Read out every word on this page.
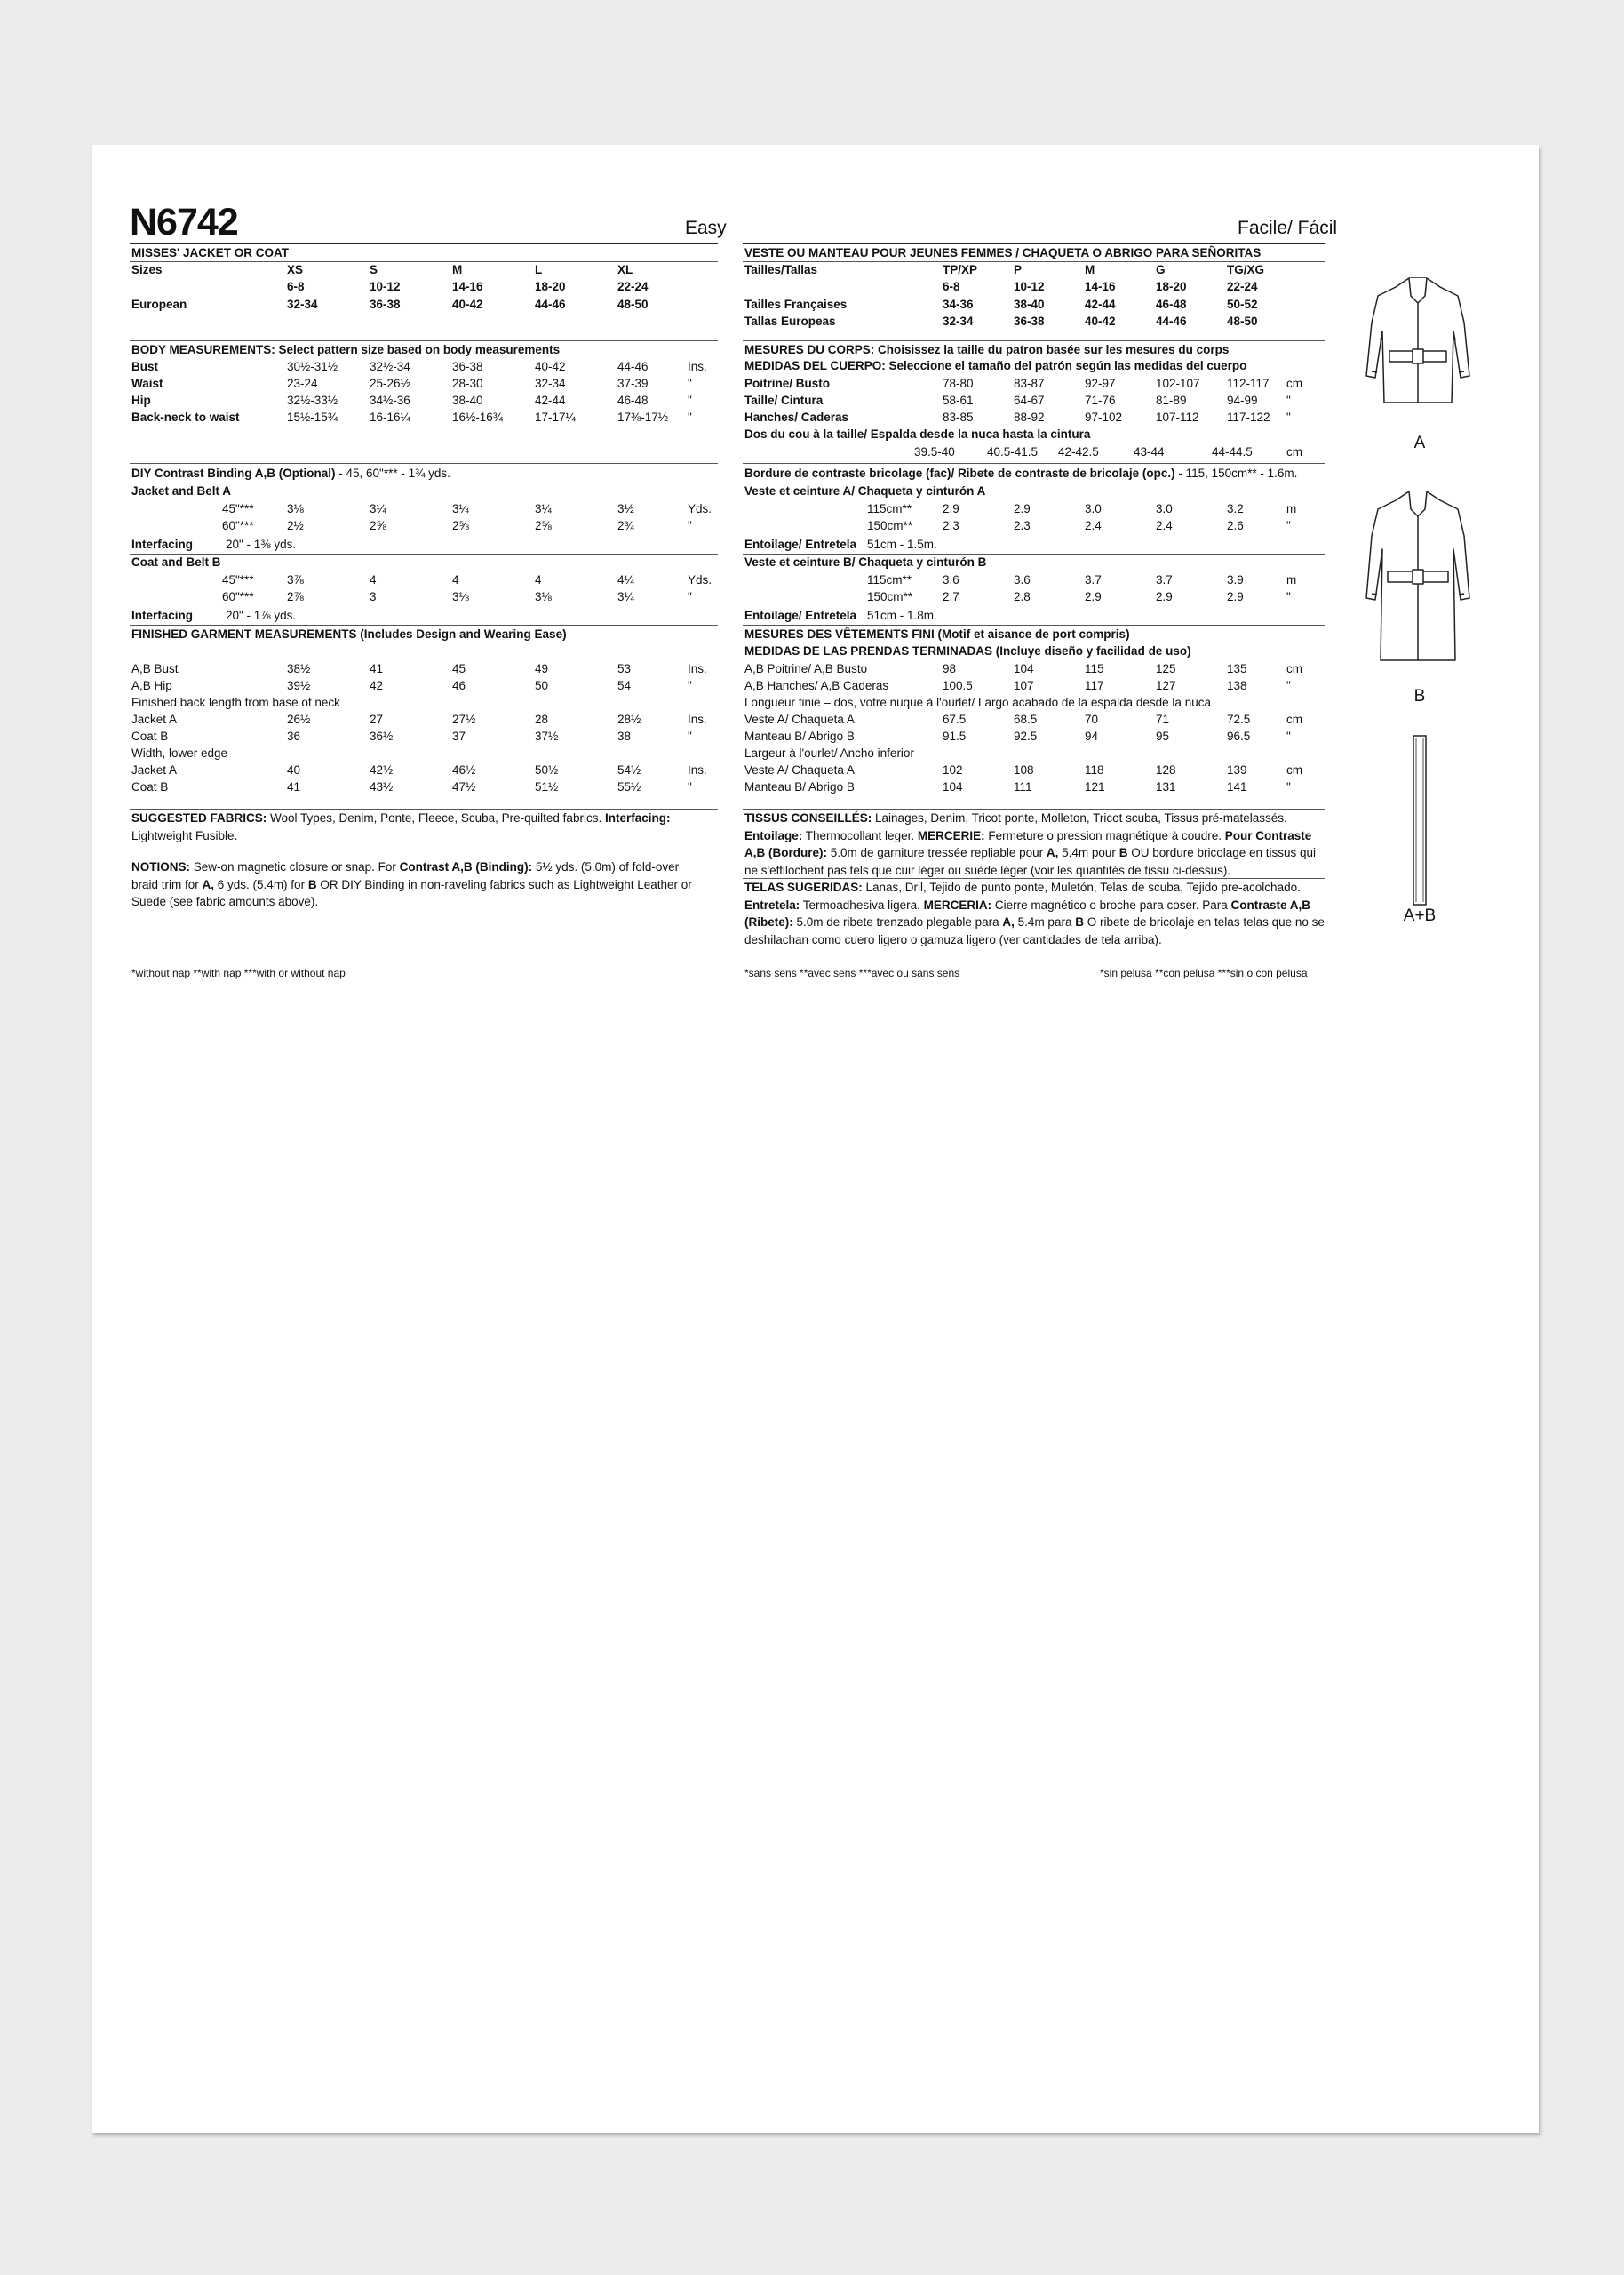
N6742	Easy	Facile/ Fácil
MISSES' JACKET OR COAT
Sizes	XS	S	M	L	XL
6-8	10-12	14-16	18-20	22-24
32-34	36-38	40-42	44-46	48-50
European
BODY MEASUREMENTS: Select pattern size based on body measurements
Bust	30½-31½	32½-34	36-38	40-42	44-46	Ins.
Waist	23-24	25-26½	28-30	32-34	37-39	"
Hip	32½-33½	34½-36	38-40	42-44	46-48	"
Back-neck to waist	15½-15¾	16-16¼	16½-16¾	17-17¼	17⅜-17½ "
DIY Contrast Binding A,B (Optional) - 45, 60"*** - 1¾ yds.
Jacket and Belt A
45"***	3⅛	3¼	3¼	3¼	3½	Yds.
60"***	2½	2⅝	2⅝	2⅝	2¾	"
Interfacing	20" - 1⅜ yds.
Coat and Belt B
45"***	3⅞	4	4	4	4¼	Yds.
60"***	2⅞	3	3⅛	3⅛	3¼	"
Interfacing	20" - 1⅞ yds.
FINISHED GARMENT MEASUREMENTS (Includes Design and Wearing Ease)
A,B Bust	38½	41	45	49	53	Ins.
A,B Hip	39½	42	46	50	54	"
Finished back length from base of neck
Jacket A	26½	27	27½	28	28½	Ins.
Coat B	36	36½	37	37½	38	"
Width, lower edge
Jacket A	40	42½	46½	50½	54½	Ins.
Coat B	41	43½	47½	51½	55½	"
SUGGESTED FABRICS: Wool Types, Denim, Ponte, Fleece, Scuba, Pre-quilted fabrics. Interfacing: Lightweight Fusible.
NOTIONS: Sew-on magnetic closure or snap. For Contrast A,B (Binding): 5½ yds. (5.0m) of fold-over braid trim for A, 6 yds. (5.4m) for B OR DIY Binding in non-raveling fabrics such as Lightweight Leather or Suede (see fabric amounts above).
*without nap **with nap ***with or without nap
VESTE OU MANTEAU POUR JEUNES FEMMES / CHAQUETA O ABRIGO PARA SEÑORITAS
Tailles/Tallas	TP/XP	P	M	G	TG/XG
6-8	10-12	14-16	18-20	22-24
34-36	38-40	42-44	46-48	50-52
32-34	36-38	40-42	44-46	48-50
Tailles Françaises
Tallas Europeas
MESURES DU CORPS: Choisissez la taille du patron basée sur les mesures du corps
MEDIDAS DEL CUERPO: Seleccione el tamaño del patrón según las medidas del cuerpo
Poitrine/ Busto	78-80	83-87	92-97	102-107 112-117 cm
Taille/ Cintura	58-61	64-67	71-76	81-89	94-99 "
Hanches/ Caderas	83-85	88-92	97-102	107-112 117-122 "
Dos du cou à la taille/ Espalda desde la nuca hasta la cintura
39.5-40	40.5-41.5 42-42.5	43-44	44-44.5	cm
Bordure de contraste bricolage (fac)/ Ribete de contraste de bricolaje (opc.) - 115, 150cm** - 1.6m.
Veste et ceinture A/ Chaqueta y cinturón A
115cm**	2.9	2.9	3.0	3.0	3.2	m
150cm**	2.3	2.3	2.4	2.4	2.6	"
Entoilage/ Entretela 51cm - 1.5m.
Veste et ceinture B/ Chaqueta y cinturón B
115cm**	3.6	3.6	3.7	3.7	3.9	m
150cm**	2.7	2.8	2.9	2.9	2.9	"
Entoilage/ Entretela 51cm - 1.8m.
MESURES DES VÊTEMENTS FINI (Motif et aisance de port compris)
MEDIDAS DE LAS PRENDAS TERMINADAS (Incluye diseño y facilidad de uso)
A,B Poitrine/ A,B Busto	98	104	115	125	135	cm
A,B Hanches/ A,B Caderas	100.5	107	117	127	138	"
Longueur finie – dos, votre nuque à l'ourlet/ Largo acabado de la espalda desde la nuca
Veste A/ Chaqueta A	67.5	68.5	70	71	72.5	cm
Manteau B/ Abrigo B	91.5	92.5	94	95	96.5	"
Largeur à l'ourlet/ Ancho inferior
Veste A/ Chaqueta A	102	108	118	128	139	cm
Manteau B/ Abrigo B	104	111	121	131	141	"
TISSUS CONSEILLÉS: Lainages, Denim, Tricot ponte, Molleton, Tricot scuba, Tissus pré-matelassés. Entoilage: Thermocollant leger. MERCERIE: Fermeture o pression magnétique à coudre. Pour Contraste A,B (Bordure): 5.0m de garniture tressée repliable pour A, 5.4m pour B OU bordure bricolage en tissus qui ne s'effilochent pas tels que cuir léger ou suède léger (voir les quantités de tissu ci-dessus).
TELAS SUGERIDAS: Lanas, Dril, Tejido de punto ponte, Muletón, Telas de scuba, Tejido pre-acolchado. Entretela: Termoadhesiva ligera. MERCERIA: Cierre magnético o broche para coser. Para Contraste A,B (Ribete): 5.0m de ribete trenzado plegable para A, 5.4m para B O ribete de bricolaje en telas telas que no se deshilachan como cuero ligero o gamuza ligero (ver cantidades de tela arriba).
*sans sens **avec sens ***avec ou sans sens	*sin pelusa **con pelusa ***sin o con pelusa
A
B
A+B
